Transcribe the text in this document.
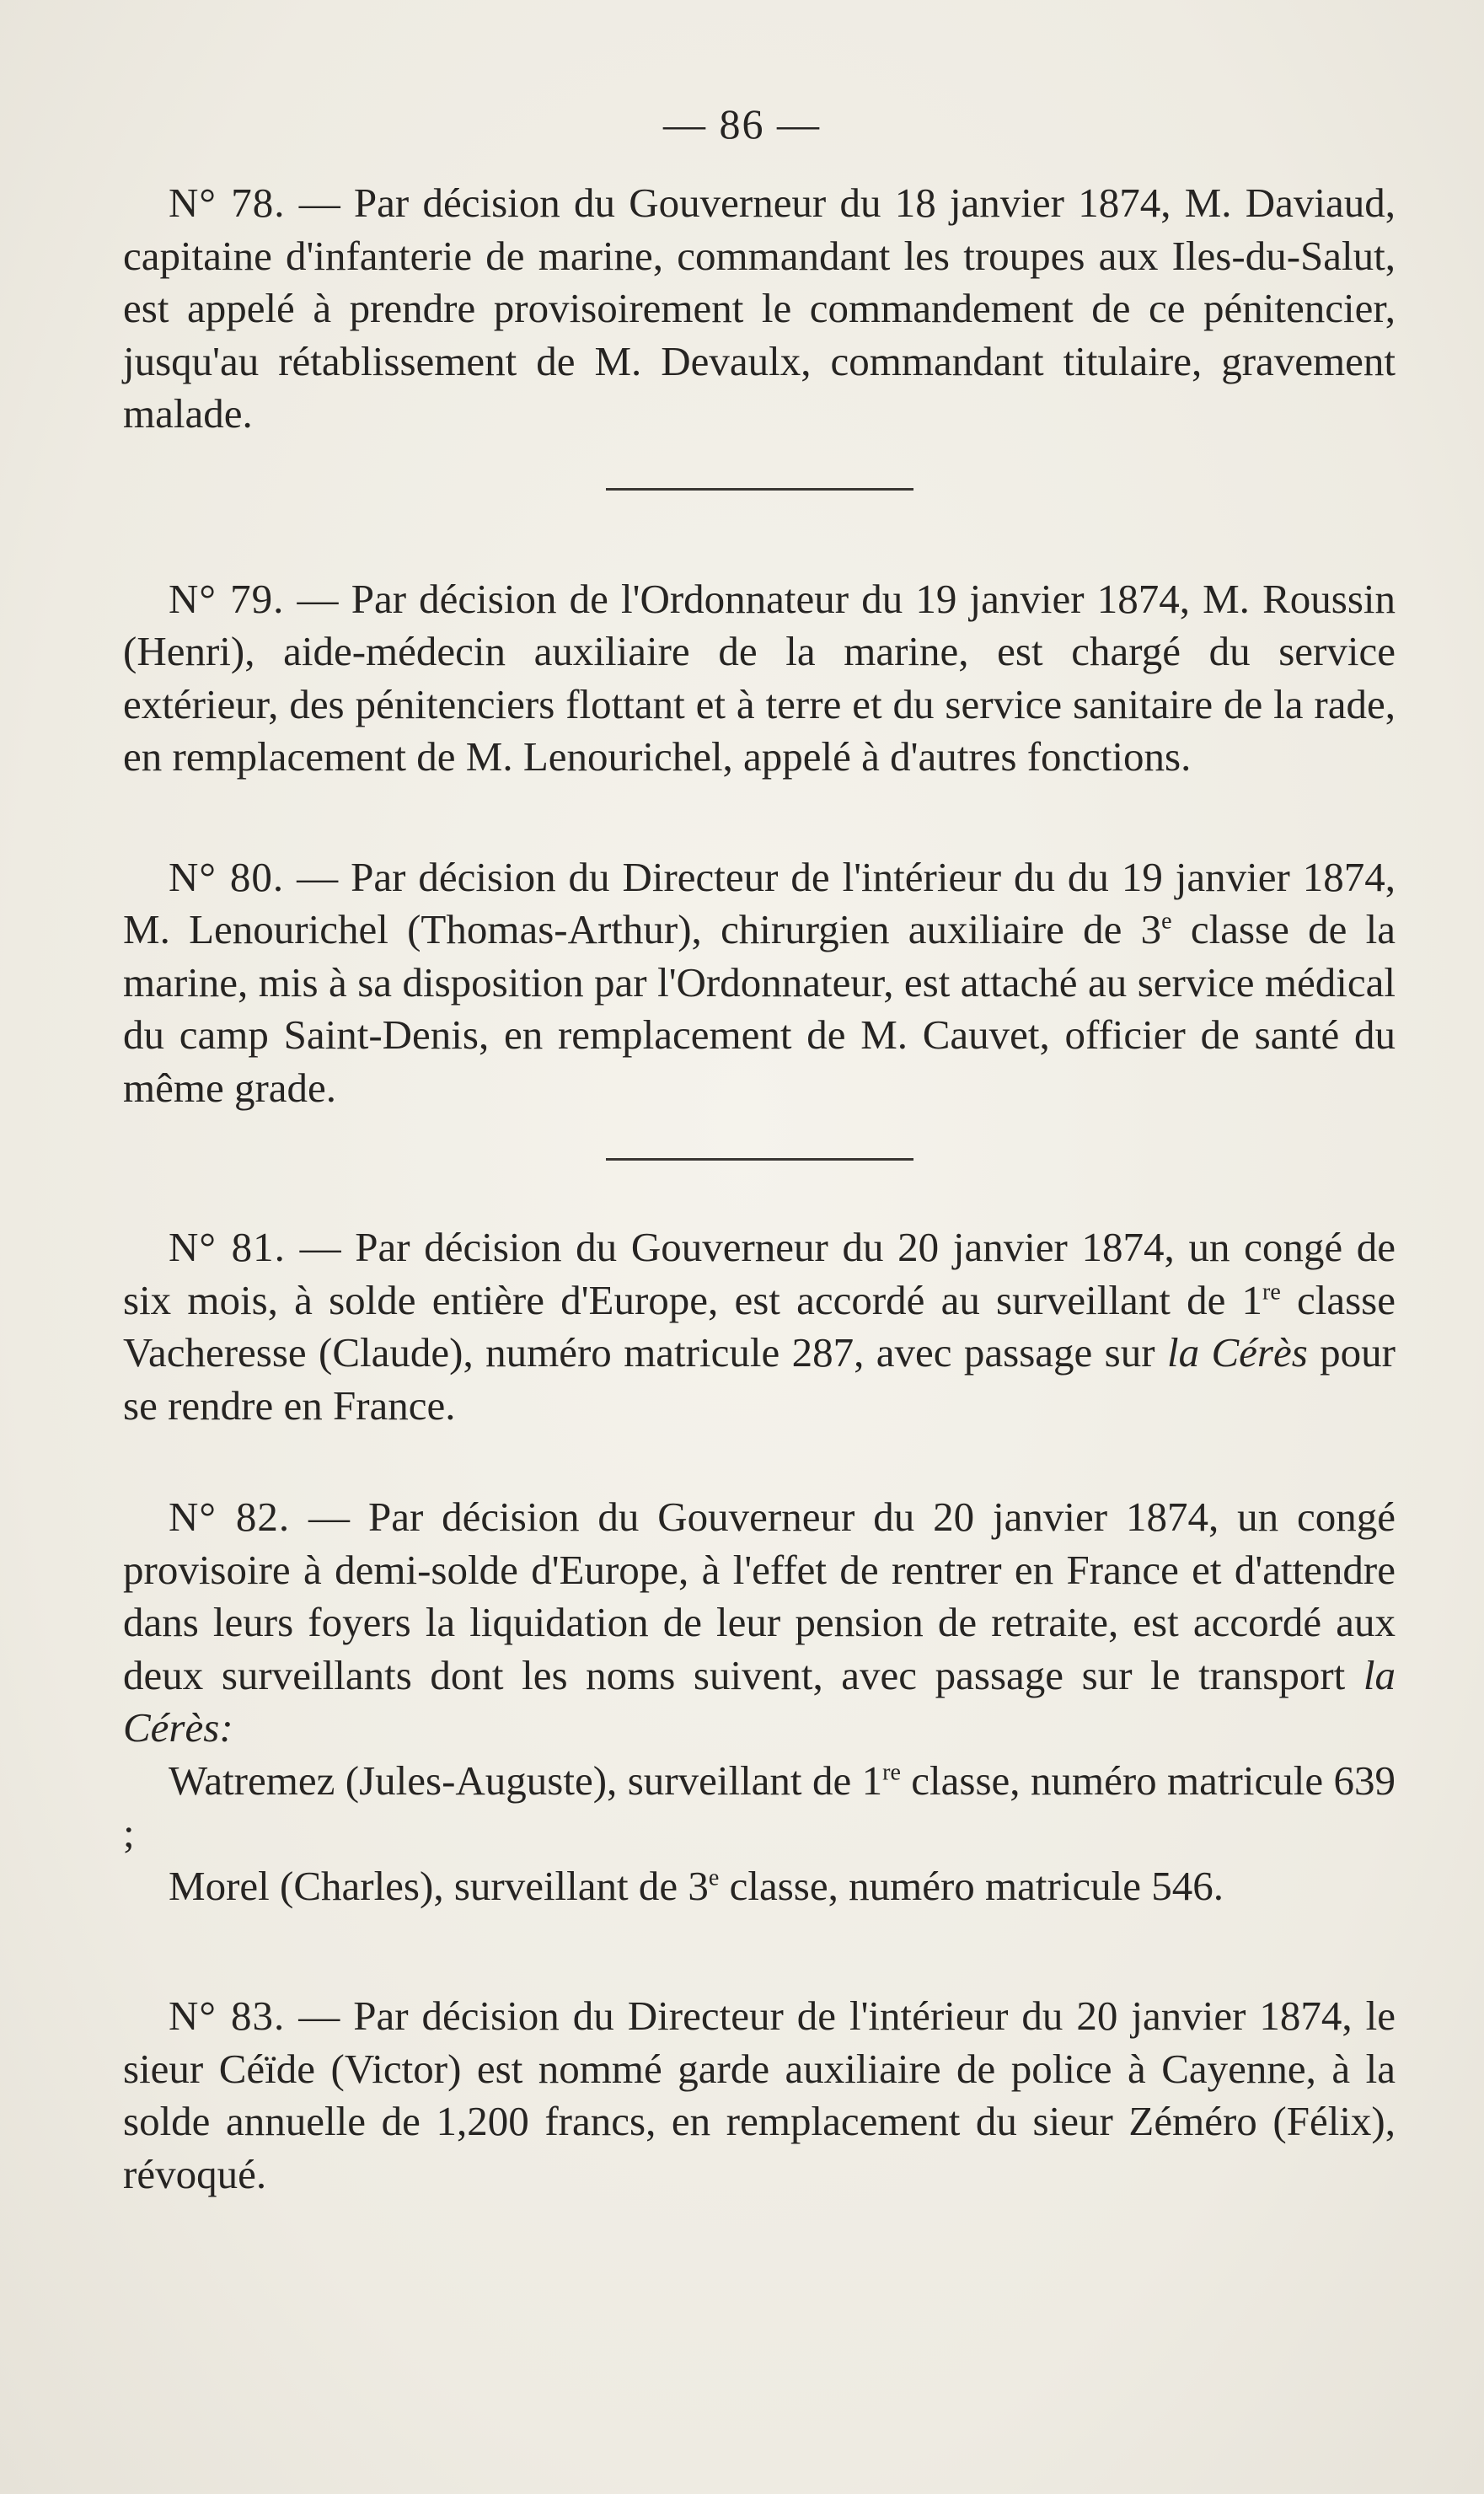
— 86 —

N° 78. — Par décision du Gouverneur du 18 janvier 1874, M. Daviaud, capitaine d'infanterie de marine, commandant les troupes aux Iles-du-Salut, est appelé à prendre provisoirement le commandement de ce pénitencier, jusqu'au rétablissement de M. Devaulx, commandant titulaire, gravement malade.

N° 79. — Par décision de l'Ordonnateur du 19 janvier 1874, M. Roussin (Henri), aide-médecin auxiliaire de la marine, est chargé du service extérieur, des pénitenciers flottant et à terre et du service sanitaire de la rade, en remplacement de M. Lenourichel, appelé à d'autres fonctions.

N° 80. — Par décision du Directeur de l'intérieur du du 19 janvier 1874, M. Lenourichel (Thomas-Arthur), chirurgien auxiliaire de 3e classe de la marine, mis à sa disposition par l'Ordonnateur, est attaché au service médical du camp Saint-Denis, en remplacement de M. Cauvet, officier de santé du même grade.

N° 81. — Par décision du Gouverneur du 20 janvier 1874, un congé de six mois, à solde entière d'Europe, est accordé au surveillant de 1re classe Vacheresse (Claude), numéro matricule 287, avec passage sur la Cérès pour se rendre en France.

N° 82. — Par décision du Gouverneur du 20 janvier 1874, un congé provisoire à demi-solde d'Europe, à l'effet de rentrer en France et d'attendre dans leurs foyers la liquidation de leur pension de retraite, est accordé aux deux surveillants dont les noms suivent, avec passage sur le transport la Cérès:
Watremez (Jules-Auguste), surveillant de 1re classe, numéro matricule 639 ;
Morel (Charles), surveillant de 3e classe, numéro matricule 546.

N° 83. — Par décision du Directeur de l'intérieur du 20 janvier 1874, le sieur Céïde (Victor) est nommé garde auxiliaire de police à Cayenne, à la solde annuelle de 1,200 francs, en remplacement du sieur Zéméro (Félix), révoqué.
